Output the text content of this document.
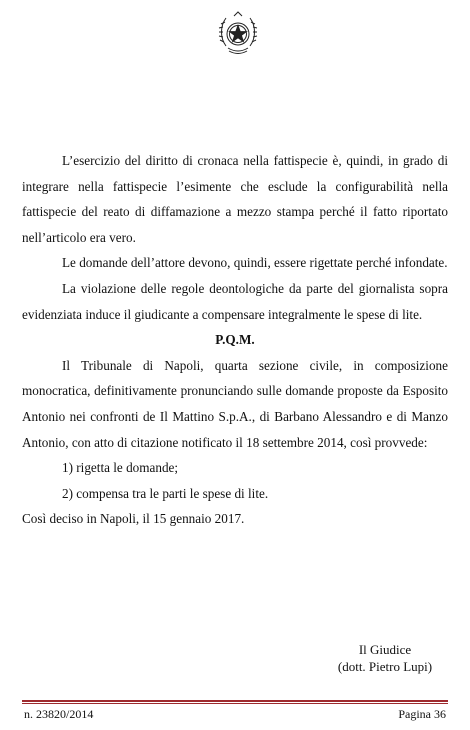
L’esercizio del diritto di cronaca nella fattispecie è, quindi, in grado di integrare nella fattispecie l’esimente che esclude la configurabilità nella fattispecie del reato di diffamazione a mezzo stampa perché il fatto riportato nell’articolo era vero.

Le domande dell’attore devono, quindi, essere rigettate perché infondate.

La violazione delle regole deontologiche da parte del giornalista sopra evidenziata induce il giudicante a compensare integralmente le spese di lite.

P.Q.M.

Il Tribunale di Napoli, quarta sezione civile, in composizione monocratica, definitivamente pronunciando sulle domande proposte da Esposito Antonio nei confronti de Il Mattino S.p.A., di Barbano Alessandro e di Manzo Antonio, con atto di citazione notificato il 18 settembre 2014, così provvede:

1) rigetta le domande;

2) compensa tra le parti le spese di lite.

Così deciso in Napoli, il 15 gennaio 2017.

Il Giudice
(dott. Pietro Lupi)
n. 23820/2014	Pagina 36
